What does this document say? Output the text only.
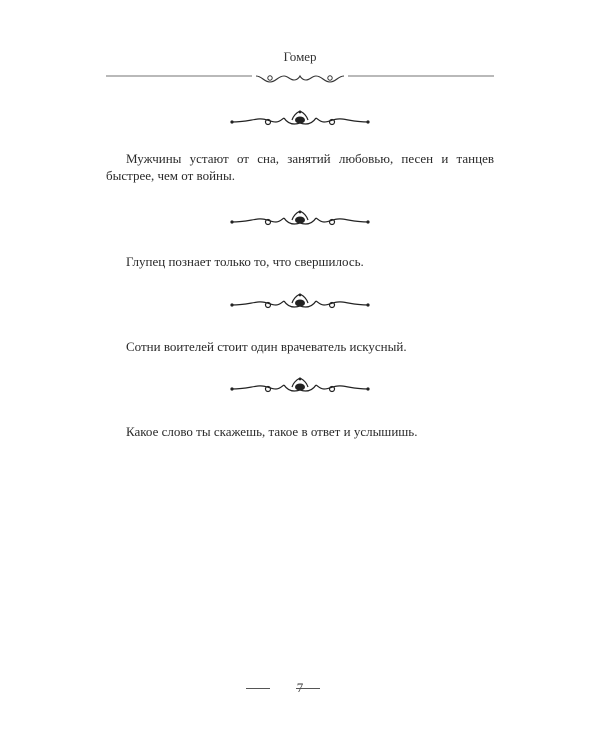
Гомер
Мужчины устают от сна, занятий любовью, песен и танцев быстрее, чем от войны.
Глупец познает только то, что свершилось.
Сотни воителей стоит один врачеватель искусный.
Какое слово ты скажешь, такое в ответ и услышишь.
